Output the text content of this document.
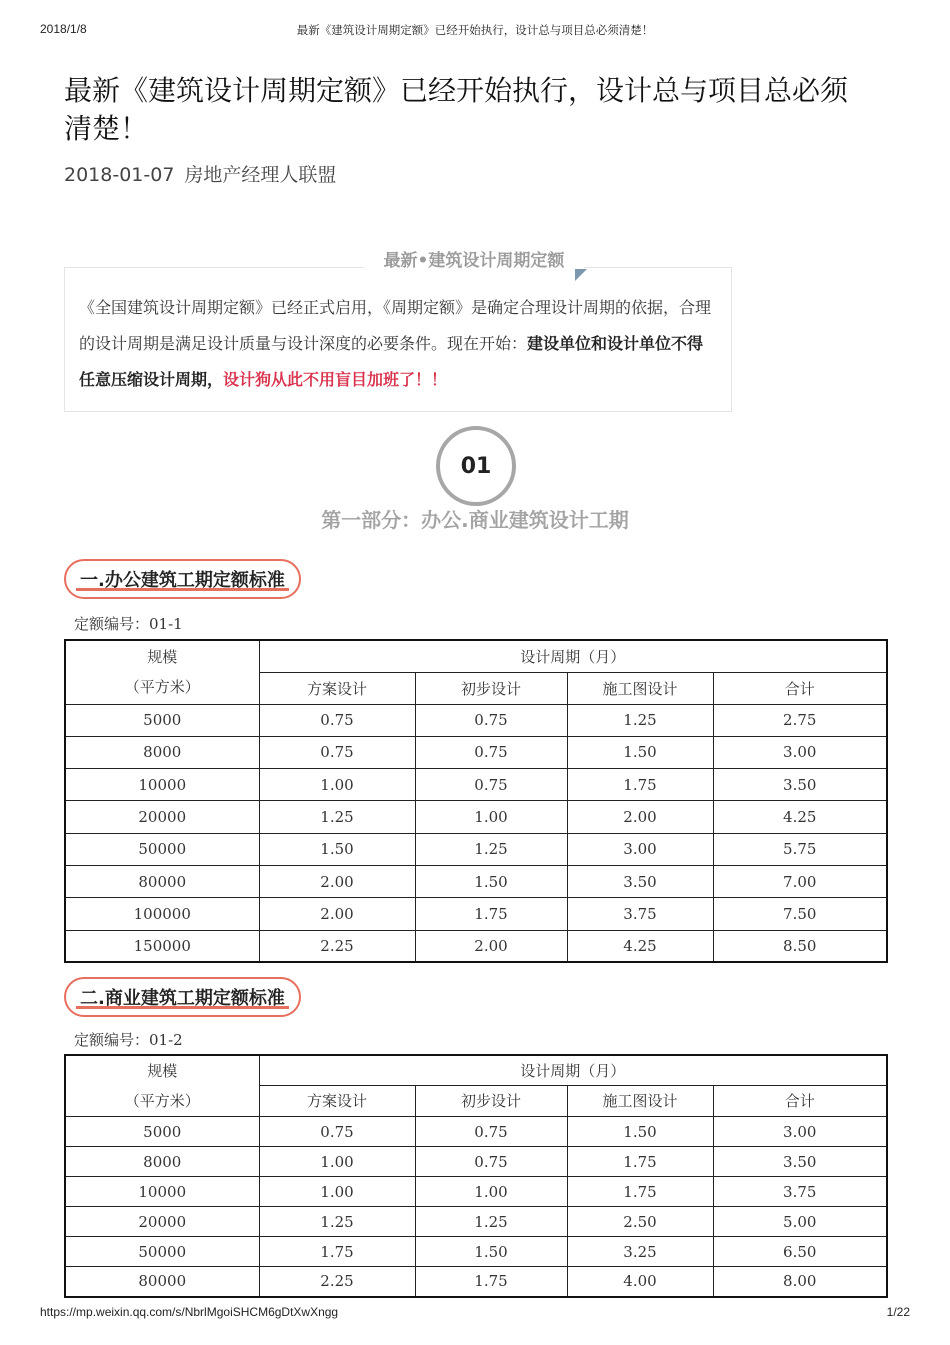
2018/1/8	最新《建筑设计周期定额》已经开始执行，设计总与项目总必须清楚！
最新《建筑设计周期定额》已经开始执行，设计总与项目总必须
清楚！
2018-01-07 房地产经理人联盟
最新•建筑设计周期定额
《全国建筑设计周期定额》已经正式启用，《周期定额》是确定合理设计周期的依据，合理的设计周期是满足设计质量与设计深度的必要条件。现在开始：建设单位和设计单位不得任意压缩设计周期，设计狗从此不用盲目加班了！！
01
第一部分：办公.商业建筑设计工期
一.办公建筑工期定额标准
定额编号：01-1
规模
（平方米）	设计周期（月）			
	方案设计	初步设计	施工图设计	合计
5000	0.75	0.75	1.25	2.75
8000	0.75	0.75	1.50	3.00
10000	1.00	0.75	1.75	3.50
20000	1.25	1.00	2.00	4.25
50000	1.50	1.25	3.00	5.75
80000	2.00	1.50	3.50	7.00
100000	2.00	1.75	3.75	7.50
150000	2.25	2.00	4.25	8.50
二.商业建筑工期定额标准
定额编号：01-2
规模
（平方米）	设计周期（月）			
	方案设计	初步设计	施工图设计	合计
5000	0.75	0.75	1.50	3.00
8000	1.00	0.75	1.75	3.50
10000	1.00	1.00	1.75	3.75
20000	1.25	1.25	2.50	5.00
50000	1.75	1.50	3.25	6.50
80000	2.25	1.75	4.00	8.00
https://mp.weixin.qq.com/s/NbrlMgoiSHCM6gDtXwXngg	1/22
